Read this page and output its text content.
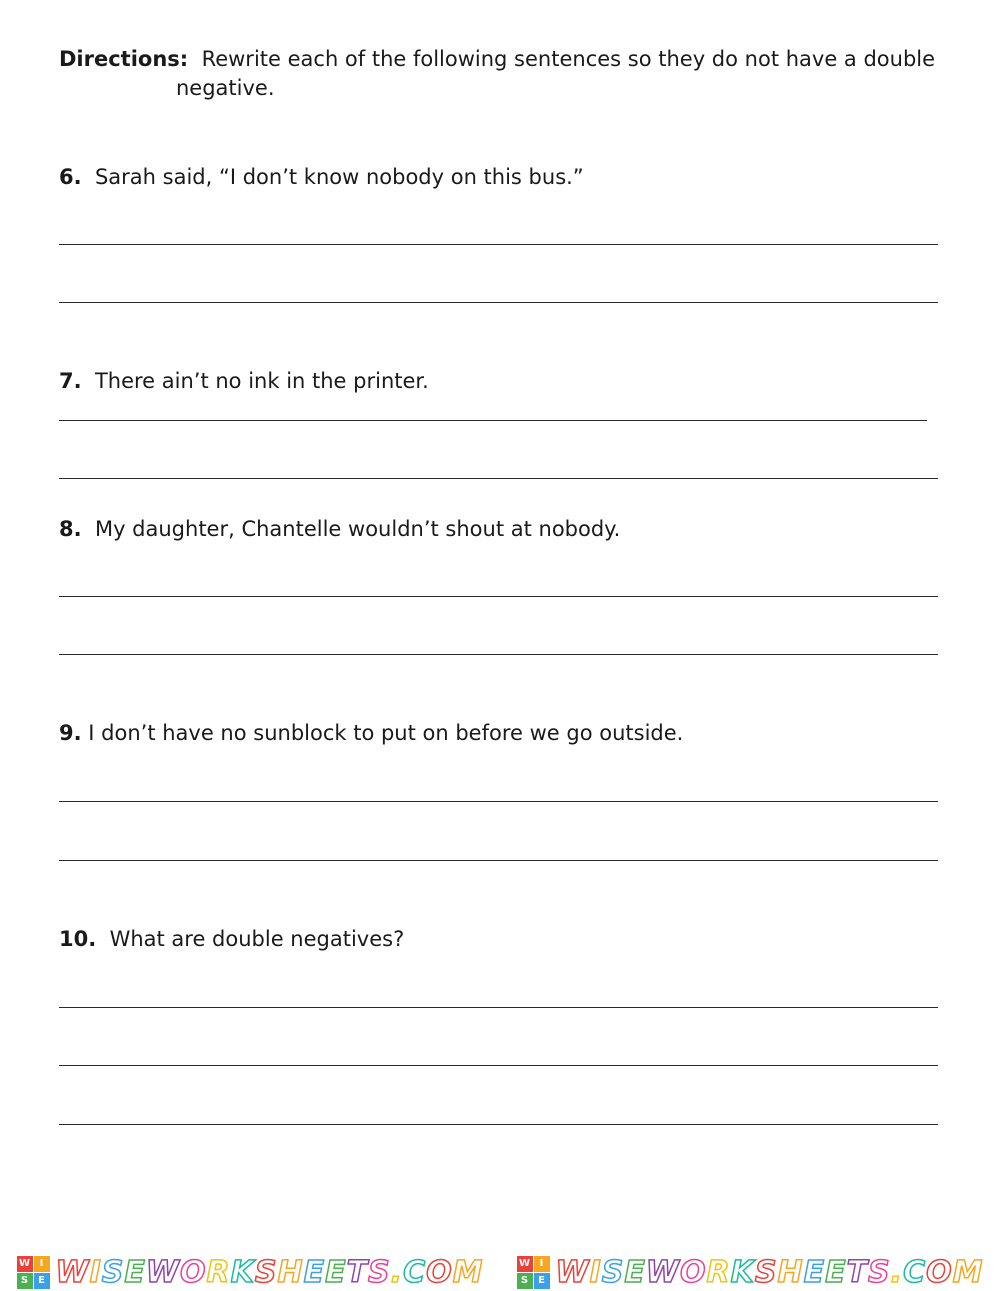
Directions: Rewrite each of the following sentences so they do not have a double
negative.
6. Sarah said, “I don’t know nobody on this bus.”
7. There ain’t no ink in the printer.
8. My daughter, Chantelle wouldn’t shout at nobody.
9. I don’t have no sunblock to put on before we go outside.
10. What are double negatives?
W I
S E W I S E W O R K S H E E T S . C O M	W I
S E W I S E W O R K S H E E T S . C O M
